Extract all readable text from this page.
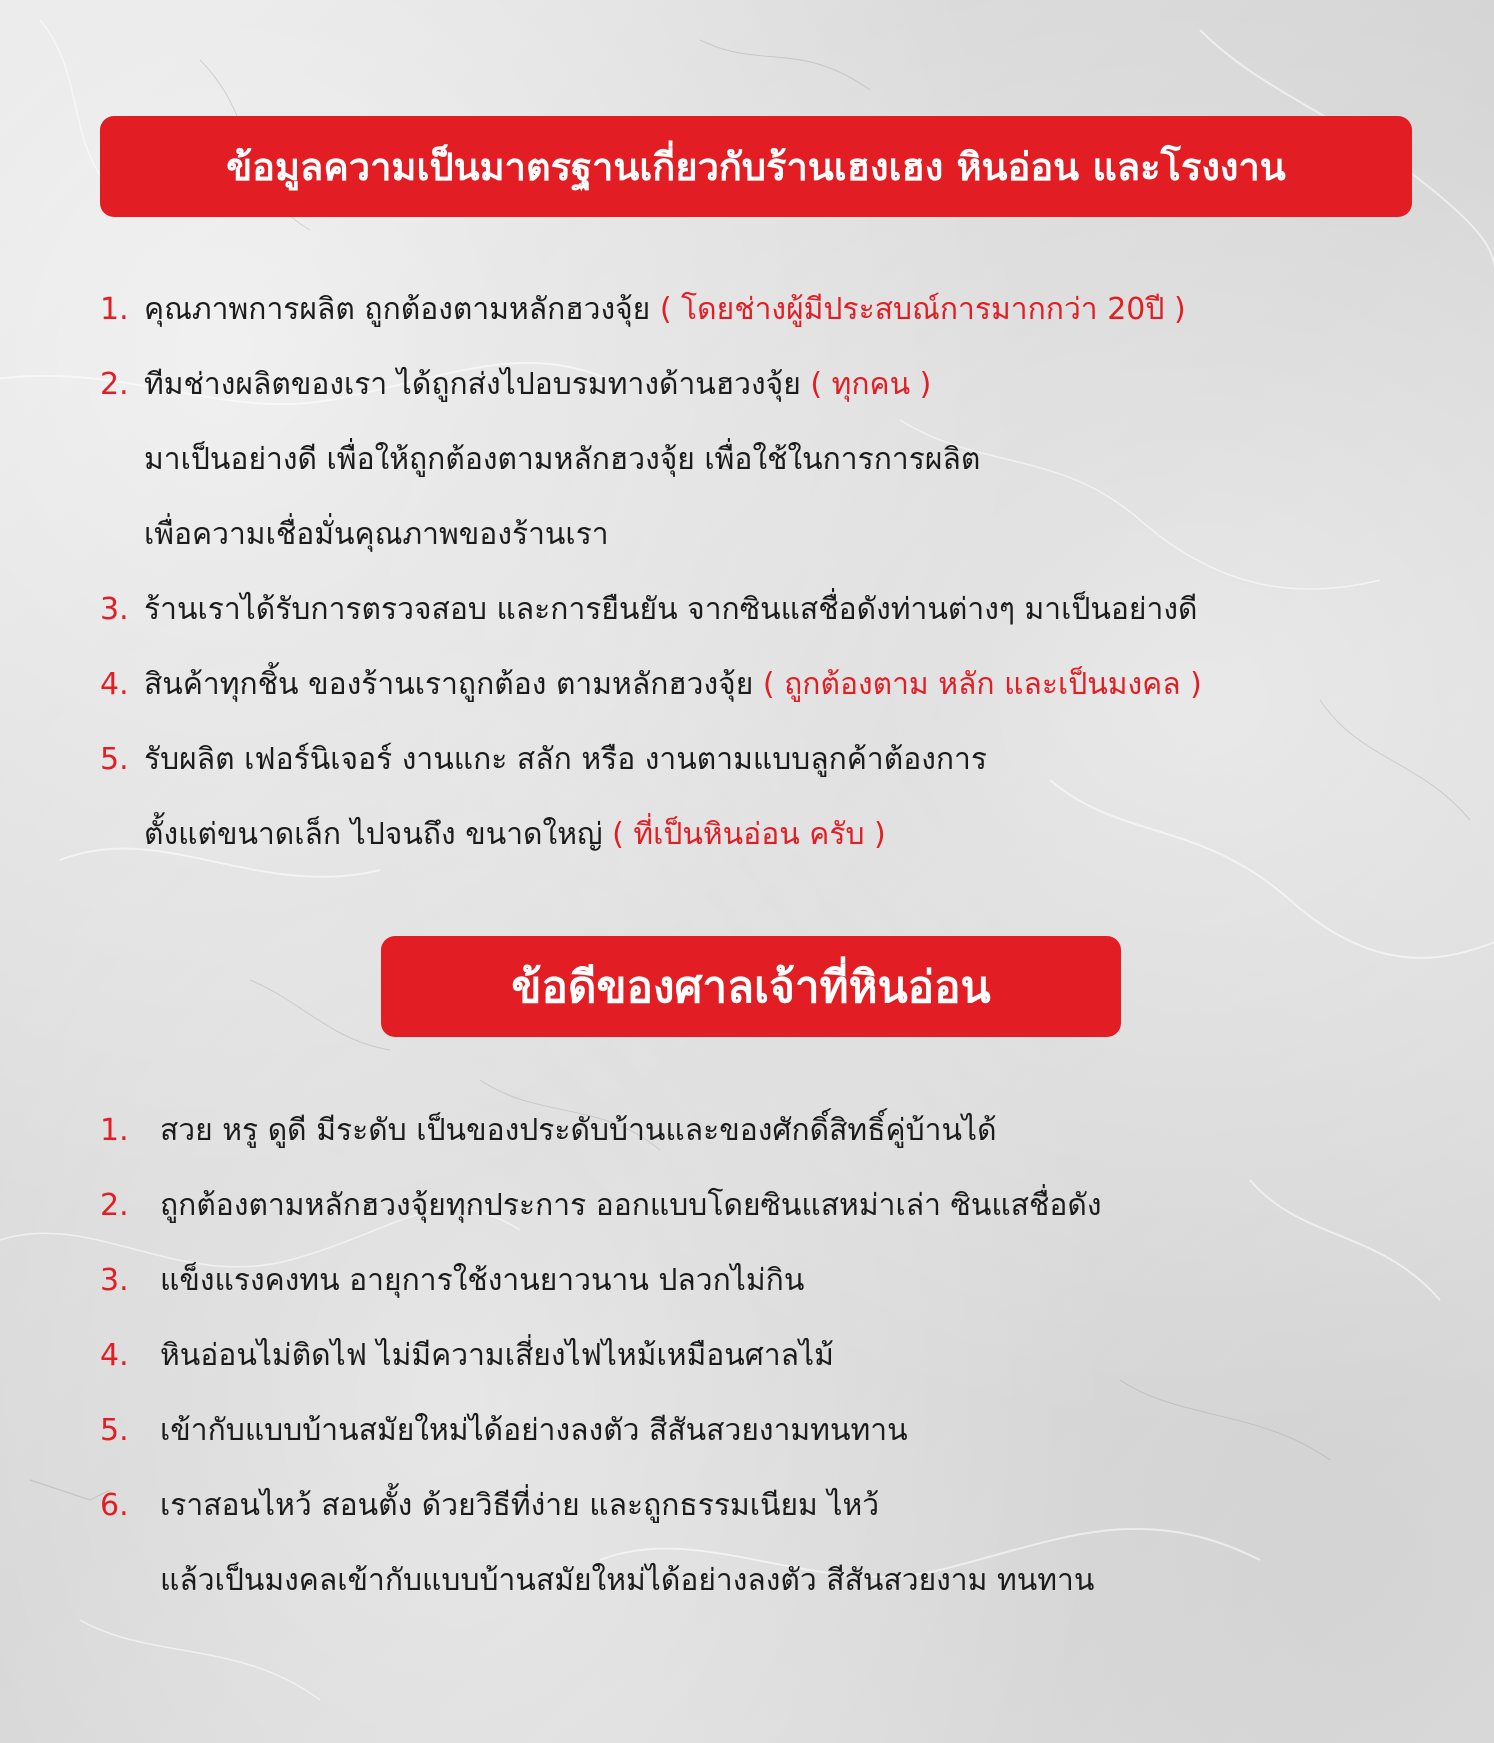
ข้อมูลความเป็นมาตรฐานเกี่ยวกับร้านเฮงเฮง หินอ่อน และโรงงาน
1. คุณภาพการผลิต ถูกต้องตามหลักฮวงจุ้ย ( โดยช่างผู้มีประสบณ์การมากกว่า 20ปี )
2. ทีมช่างผลิตของเรา ได้ถูกส่งไปอบรมทางด้านฮวงจุ้ย ( ทุกคน )
มาเป็นอย่างดี เพื่อให้ถูกต้องตามหลักฮวงจุ้ย เพื่อใช้ในการการผลิต
เพื่อความเชื่อมั่นคุณภาพของร้านเรา
3. ร้านเราได้รับการตรวจสอบ และการยืนยัน จากซินแสชื่อดังท่านต่างๆ มาเป็นอย่างดี
4. สินค้าทุกชิ้น ของร้านเราถูกต้อง ตามหลักฮวงจุ้ย ( ถูกต้องตาม หลัก และเป็นมงคล )
5. รับผลิต เฟอร์นิเจอร์ งานแกะ สลัก หรือ งานตามแบบลูกค้าต้องการ
ตั้งแต่ขนาดเล็ก ไปจนถึง ขนาดใหญ่ ( ที่เป็นหินอ่อน ครับ )
ข้อดีของศาลเจ้าที่หินอ่อน
1.	สวย หรู ดูดี มีระดับ เป็นของประดับบ้านและของศักดิ์สิทธิ์คู่บ้านได้
2.	ถูกต้องตามหลักฮวงจุ้ยทุกประการ ออกแบบโดยซินแสหม่าเล่า ซินแสชื่อดัง
3.	แข็งแรงคงทน อายุการใช้งานยาวนาน ปลวกไม่กิน
4.	หินอ่อนไม่ติดไฟ ไม่มีความเสี่ยงไฟไหม้เหมือนศาลไม้
5.	เข้ากับแบบบ้านสมัยใหม่ได้อย่างลงตัว สีสันสวยงามทนทาน
6.	เราสอนไหว้ สอนตั้ง ด้วยวิธีที่ง่าย และถูกธรรมเนียม ไหว้
แล้วเป็นมงคลเข้ากับแบบบ้านสมัยใหม่ได้อย่างลงตัว สีสันสวยงาม ทนทาน
